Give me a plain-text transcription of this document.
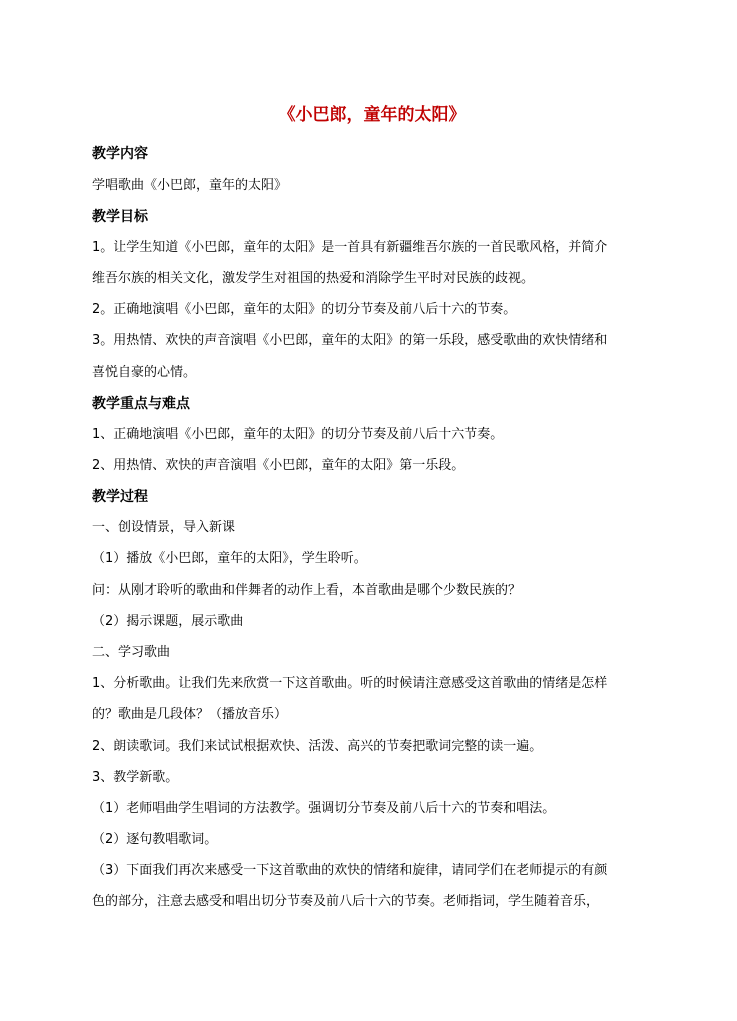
《小巴郎，童年的太阳》
教学内容
学唱歌曲《小巴郎，童年的太阳》
教学目标
1。让学生知道《小巴郎，童年的太阳》是一首具有新疆维吾尔族的一首民歌风格，并简介
维吾尔族的相关文化，激发学生对祖国的热爱和消除学生平时对民族的歧视。
2。正确地演唱《小巴郎，童年的太阳》的切分节奏及前八后十六的节奏。
3。用热情、欢快的声音演唱《小巴郎，童年的太阳》的第一乐段，感受歌曲的欢快情绪和
喜悦自豪的心情。
教学重点与难点
1、正确地演唱《小巴郎，童年的太阳》的切分节奏及前八后十六节奏。
2、用热情、欢快的声音演唱《小巴郎，童年的太阳》第一乐段。
教学过程
一、创设情景，导入新课
（1）播放《小巴郎，童年的太阳》，学生聆听。
问：从刚才聆听的歌曲和伴舞者的动作上看，本首歌曲是哪个少数民族的？
（2）揭示课题，展示歌曲
二、学习歌曲
1、分析歌曲。让我们先来欣赏一下这首歌曲。听的时候请注意感受这首歌曲的情绪是怎样
的？歌曲是几段体？（播放音乐）
2、朗读歌词。我们来试试根据欢快、活泼、高兴的节奏把歌词完整的读一遍。
3、教学新歌。
（1）老师唱曲学生唱词的方法教学。强调切分节奏及前八后十六的节奏和唱法。
（2）逐句教唱歌词。
（3）下面我们再次来感受一下这首歌曲的欢快的情绪和旋律，请同学们在老师提示的有颜
色的部分，注意去感受和唱出切分节奏及前八后十六的节奏。老师指词，学生随着音乐，
